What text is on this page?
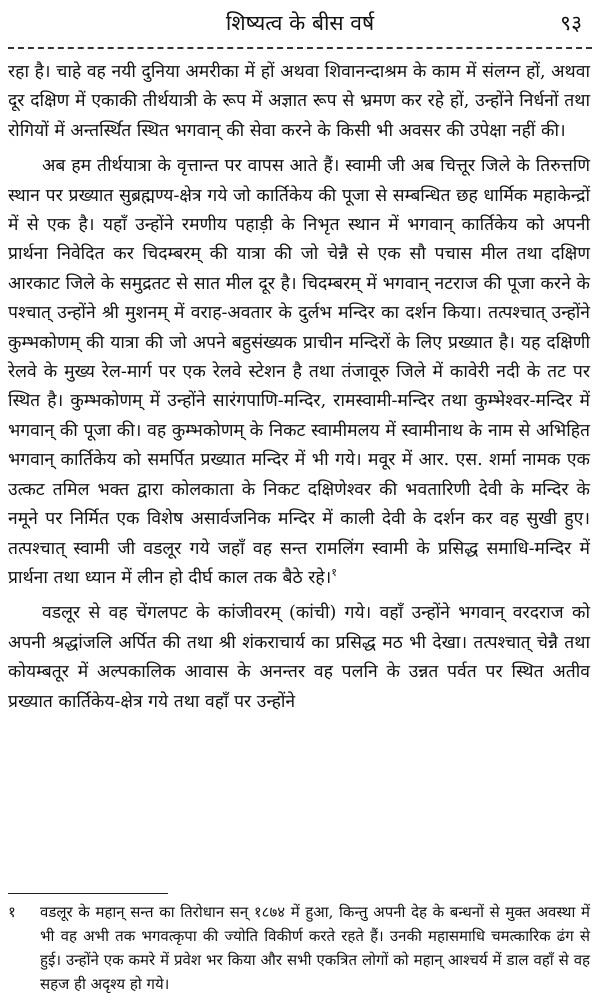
शिष्यत्व के बीस वर्ष	९३

रहा है। चाहे वह नयी दुनिया अमरीका में हों अथवा शिवानन्दाश्रम के काम में संलग्न हों, अथवा दूर दक्षिण में एकाकी तीर्थयात्री के रूप में अज्ञात रूप से भ्रमण कर रहे हों, उन्होंने निर्धनों तथा रोगियों में अन्तर्स्थित स्थित भगवान् की सेवा करने के किसी भी अवसर की उपेक्षा नहीं की।

अब हम तीर्थयात्रा के वृत्तान्त पर वापस आते हैं। स्वामी जी अब चित्तूर जिले के तिरुत्तणि स्थान पर प्रख्यात सुब्रह्मण्य-क्षेत्र गये जो कार्तिकेय की पूजा से सम्बन्धित छह धार्मिक महाकेन्द्रों में से एक है। यहाँ उन्होंने रमणीय पहाड़ी के निभृत स्थान में भगवान् कार्तिकेय को अपनी प्रार्थना निवेदित कर चिदम्बरम् की यात्रा की जो चेन्नै से एक सौ पचास मील तथा दक्षिण आरकाट जिले के समुद्रतट से सात मील दूर है। चिदम्बरम् में भगवान् नटराज की पूजा करने के पश्चात् उन्होंने श्री मुशनम् में वराह-अवतार के दुर्लभ मन्दिर का दर्शन किया। तत्पश्चात् उन्होंने कुम्भकोणम् की यात्रा की जो अपने बहुसंख्यक प्राचीन मन्दिरों के लिए प्रख्यात है। यह दक्षिणी रेलवे के मुख्य रेल-मार्ग पर एक रेलवे स्टेशन है तथा तंजावूरु जिले में कावेरी नदी के तट पर स्थित है। कुम्भकोणम् में उन्होंने सारंगपाणि-मन्दिर, रामस्वामी-मन्दिर तथा कुम्भेश्वर-मन्दिर में भगवान् की पूजा की। वह कुम्भकोणम् के निकट स्वामीमलय में स्वामीनाथ के नाम से अभिहित भगवान् कार्तिकेय को समर्पित प्रख्यात मन्दिर में भी गये। मवूर में आर. एस. शर्मा नामक एक उत्कट तमिल भक्त द्वारा कोलकाता के निकट दक्षिणेश्वर की भवतारिणी देवी के मन्दिर के नमूने पर निर्मित एक विशेष असार्वजनिक मन्दिर में काली देवी के दर्शन कर वह सुखी हुए। तत्पश्चात् स्वामी जी वडलूर गये जहाँ वह सन्त रामलिंग स्वामी के प्रसिद्ध समाधि-मन्दिर में प्रार्थना तथा ध्यान में लीन हो दीर्घ काल तक बैठे रहे।$^१$

वडलूर से वह चेंगलपट के कांजीवरम् (कांची) गये। वहाँ उन्होंने भगवान् वरदराज को अपनी श्रद्धांजलि अर्पित की तथा श्री शंकराचार्य का प्रसिद्ध मठ भी देखा। तत्पश्चात् चेन्नै तथा कोयम्बतूर में अल्पकालिक आवास के अनन्तर वह पलनि के उन्नत पर्वत पर स्थित अतीव प्रख्यात कार्तिकेय-क्षेत्र गये तथा वहाँ पर उन्होंने

१	वडलूर के महान् सन्त का तिरोधान सन् १८७४ में हुआ, किन्तु अपनी देह के बन्धनों से मुक्त अवस्था में भी वह अभी तक भगवत्कृपा की ज्योति विकीर्ण करते रहते हैं। उनकी महासमाधि चमत्कारिक ढंग से हुई। उन्होंने एक कमरे में प्रवेश भर किया और सभी एकत्रित लोगों को महान् आश्चर्य में डाल वहाँ से वह सहज ही अदृश्य हो गये।
